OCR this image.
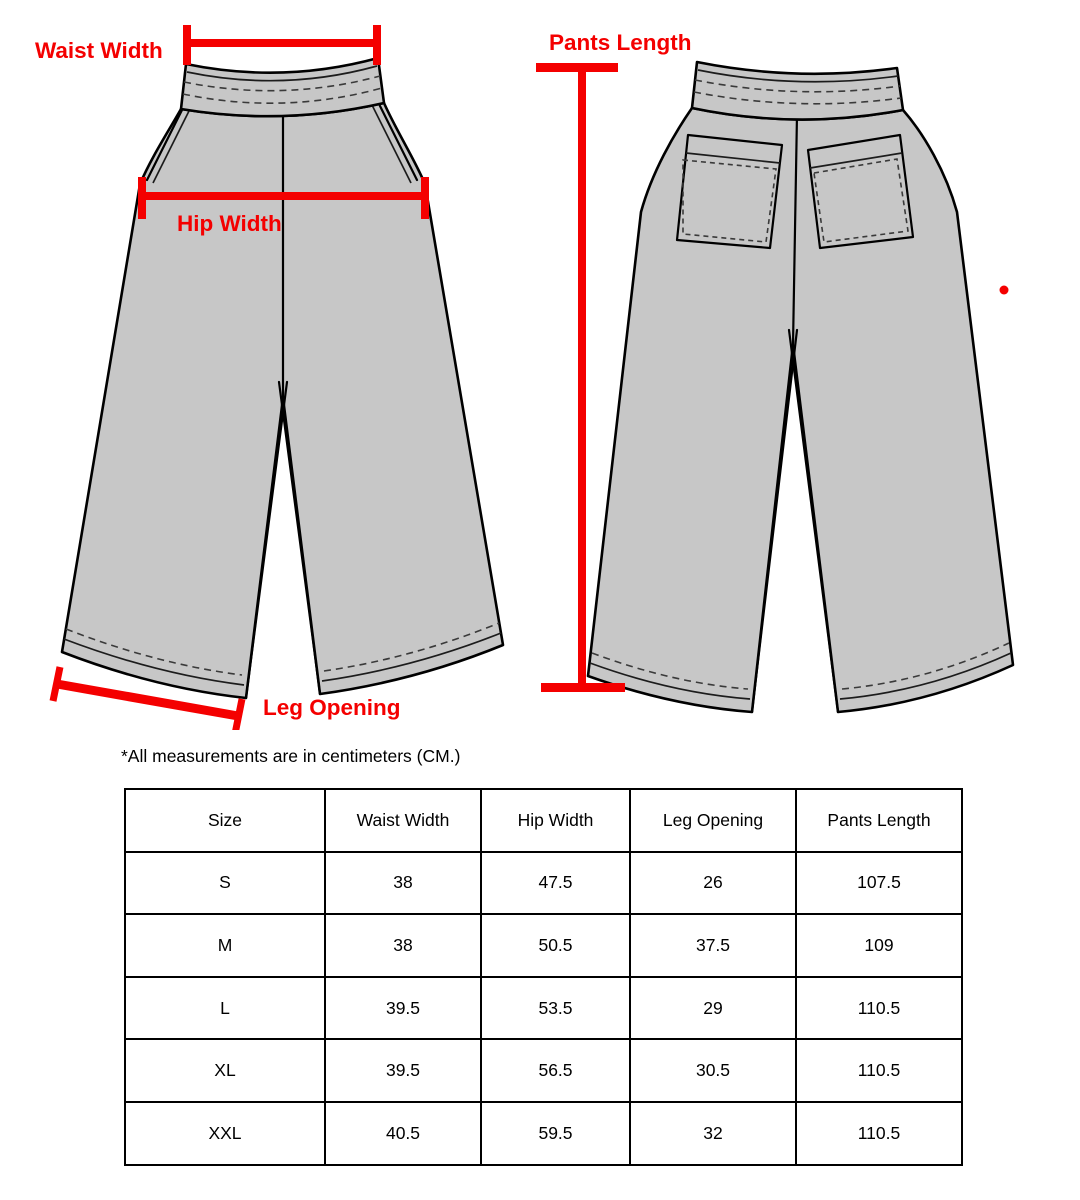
Waist Width
Hip Width
Pants Length
Leg Opening
*All measurements are in centimeters (CM.)
Size	Waist Width	Hip Width	Leg Opening	Pants Length
S	38	47.5	26	107.5
M	38	50.5	37.5	109
L	39.5	53.5	29	110.5
XL	39.5	56.5	30.5	110.5
XXL	40.5	59.5	32	110.5
